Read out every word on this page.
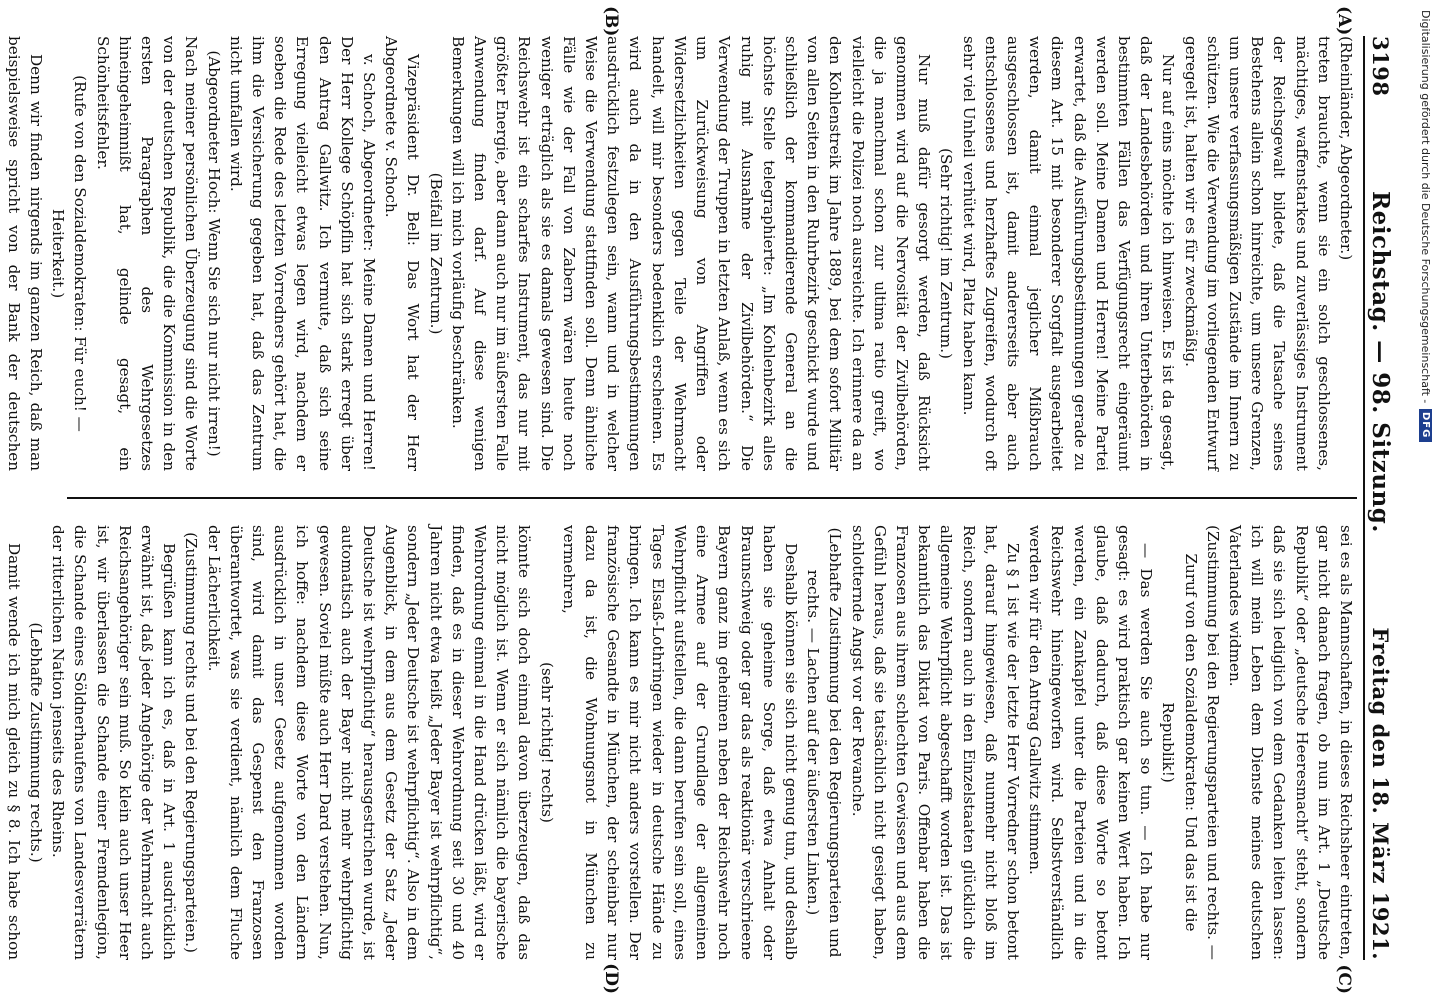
Digitalisierung gefördert durch die Deutsche Forschungsgemeinschaft -
DFG
3198
Reichstag. — 98. Sitzung.
Freitag den 18. März 1921.
(A)
(B)

(Rheinländer, Abgeordneter.)

treten brauchte, wenn sie ein solch geschlossenes, mächtiges, waffenstarkes und zuverlässiges Instrument der Reichsgewalt bildete, daß die Tatsache seines Bestehens allein schon hinreichte, um unsere Grenzen, um unsere verfassungsmäßigen Zustände im Innern zu schützen. Wie die Verwendung im vorliegenden Entwurf geregelt ist, halten wir es für zweckmäßig.

Nur auf eins möchte ich hinweisen. Es ist da gesagt, daß der Landesbehörden und ihren Unterbehörden in bestimmten Fällen das Verfügungsrecht eingeräumt werden soll. Meine Damen und Herren! Meine Partei erwartet, daß die Ausführungsbestimmungen gerade zu diesem Art. 15 mit besonderer Sorgfalt ausgearbeitet werden, damit einmal jeglicher Mißbrauch ausgeschlossen ist, damit andererseits aber auch entschlossenes und herzhaftes Zugreifen, wodurch oft sehr viel Unheil verhütet wird, Platz haben kann.

(Sehr richtig! im Zentrum.)

Nur muß dafür gesorgt werden, daß Rücksicht genommen wird auf die Nervosität der Zivilbehörden, die ja manchmal schon zur ultima ratio greift, wo vielleicht die Polizei noch ausreichte. Ich erinnere da an den Kohlenstreik im Jahre 1889, bei dem sofort Militär von allen Seiten in den Ruhrbezirk geschickt wurde und schließlich der kommandierende General an die höchste Stelle telegraphierte: „Im Kohlenbezirk alles ruhig mit Ausnahme der Zivilbehörden.“ Die Verwendung der Truppen in letzten Anlaß, wenn es sich um Zurückweisung von Angriffen oder Widersetzlichkeiten gegen Teile der Wehrmacht handelt, will mir besonders bedenklich erscheinen. Es wird auch da in den Ausführungsbestimmungen ausdrücklich festzulegen sein, wann und in welcher Weise die Verwendung stattfinden soll. Denn ähnliche Fälle wie der Fall von Zabern wären heute noch weniger erträglich als sie es damals gewesen sind. Die Reichswehr ist ein scharfes Instrument, das nur mit größter Energie, aber dann auch nur im äußersten Falle Anwendung finden darf. Auf diese wenigen Bemerkungen will ich mich vorläufig beschränken.

(Beifall im Zentrum.)

Vizepräsident Dr. Bell: Das Wort hat der Herr Abgeordnete v. Schoch.

v. Schoch, Abgeordneter: Meine Damen und Herren! Der Herr Kollege Schöpflin hat sich stark erregt über den Antrag Gallwitz. Ich vermute, daß sich seine Erregung vielleicht etwas legen wird, nachdem er soeben die Rede des letzten Vorredners gehört hat, die ihm die Versicherung gegeben hat, daß das Zentrum nicht umfallen wird.

(Abgeordneter Hoch: Wenn Sie sich nur nicht irren!)

Nach meiner persönlichen Überzeugung sind die Worte von der deutschen Republik, die die Kommission in den ersten Paragraphen des Wehrgesetzes hineingeheimnißt hat, gelinde gesagt, ein Schönheitsfehler.

(Rufe von den Sozialdemokraten: Für euch! — Heiterkeit.)

Denn wir finden nirgends im ganzen Reich, daß man beispielsweise spricht von der Bank der deutschen

(C)
(D)

sei es als Mannschaften, in dieses Reichsheer eintreten, gar nicht danach fragen, ob nun im Art. 1 „Deutsche Republik“ oder „deutsche Heeresmacht“ steht, sondern daß sie sich lediglich von dem Gedanken leiten lassen: ich will mein Leben dem Dienste meines deutschen Vaterlandes widmen.

(Zustimmung bei den Regierungsparteien und rechts. — Zuruf von den Sozialdemokraten: Und das ist die Republik!)

— Das werden Sie auch so tun. — Ich habe nur gesagt: es wird praktisch gar keinen Wert haben. Ich glaube, daß dadurch, daß diese Worte so betont werden, ein Zankapfel unter die Parteien und in die Reichswehr hineingeworfen wird. Selbstverständlich werden wir für den Antrag Gallwitz stimmen.

Zu § 1 ist wie der letzte Herr Vorredner schon betont hat, darauf hingewiesen, daß nunmehr nicht bloß im Reich, sondern auch in den Einzelstaaten glücklich die allgemeine Wehrpflicht abgeschafft worden ist. Das ist bekanntlich das Diktat von Paris. Offenbar haben die Franzosen aus ihrem schlechten Gewissen und aus dem Gefühl heraus, daß sie tatsächlich nicht gesiegt haben, schlotternde Angst vor der Revanche.

(Lebhafte Zustimmung bei den Regierungsparteien und rechts. — Lachen auf der äußersten Linken.)

Deshalb können sie sich nicht genug tun, und deshalb haben sie geheime Sorge, daß etwa Anhalt oder Braunschweig oder gar das als reaktionär verschrieene Bayern ganz im geheimen neben der Reichswehr noch eine Armee auf der Grundlage der allgemeinen Wehrpflicht aufstellen, die dann berufen sein soll, eines Tages Elsaß-Lothringen wieder in deutsche Hände zu bringen. Ich kann es mir nicht anders vorstellen. Der französische Gesandte in München, der scheinbar nur dazu da ist, die Wohnungsnot in München zu vermehren,

(sehr richtig! rechts)

könnte sich doch einmal davon überzeugen, daß das nicht möglich ist. Wenn er sich nämlich die bayerische Wehrordnung einmal in die Hand drücken läßt, wird er finden, daß es in dieser Wehrordnung seit 30 und 40 Jahren nicht etwa heißt „Jeder Bayer ist wehrpflichtig“, sondern „Jeder Deutsche ist wehrpflichtig“. Also in dem Augenblick, in dem aus dem Gesetz der Satz „Jeder Deutsche ist wehrpflichtig“ herausgestrichen wurde, ist automatisch auch der Bayer nicht mehr wehrpflichtig gewesen. Soviel müßte auch Herr Dard verstehen. Nun, ich hoffe: nachdem diese Worte von den Ländern ausdrücklich in unser Gesetz aufgenommen worden sind, wird damit das Gespenst den Franzosen überantwortet, was sie verdient, nämlich dem Fluche der Lächerlichkeit.

(Zustimmung rechts und bei den Regierungsparteien.)

Begrüßen kann ich es, daß in Art. 1 ausdrücklich erwähnt ist, daß jeder Angehörige der Wehrmacht auch Reichsangehöriger sein muß. So klein auch unser Heer ist, wir überlassen die Schande einer Fremdenlegion, die Schande eines Söldnerhaufens von Landesverrätern der ritterlichen Nation jenseits des Rheins.

(Lebhafte Zustimmung rechts.)

Damit wende ich mich gleich zu § 8. Ich habe schon
